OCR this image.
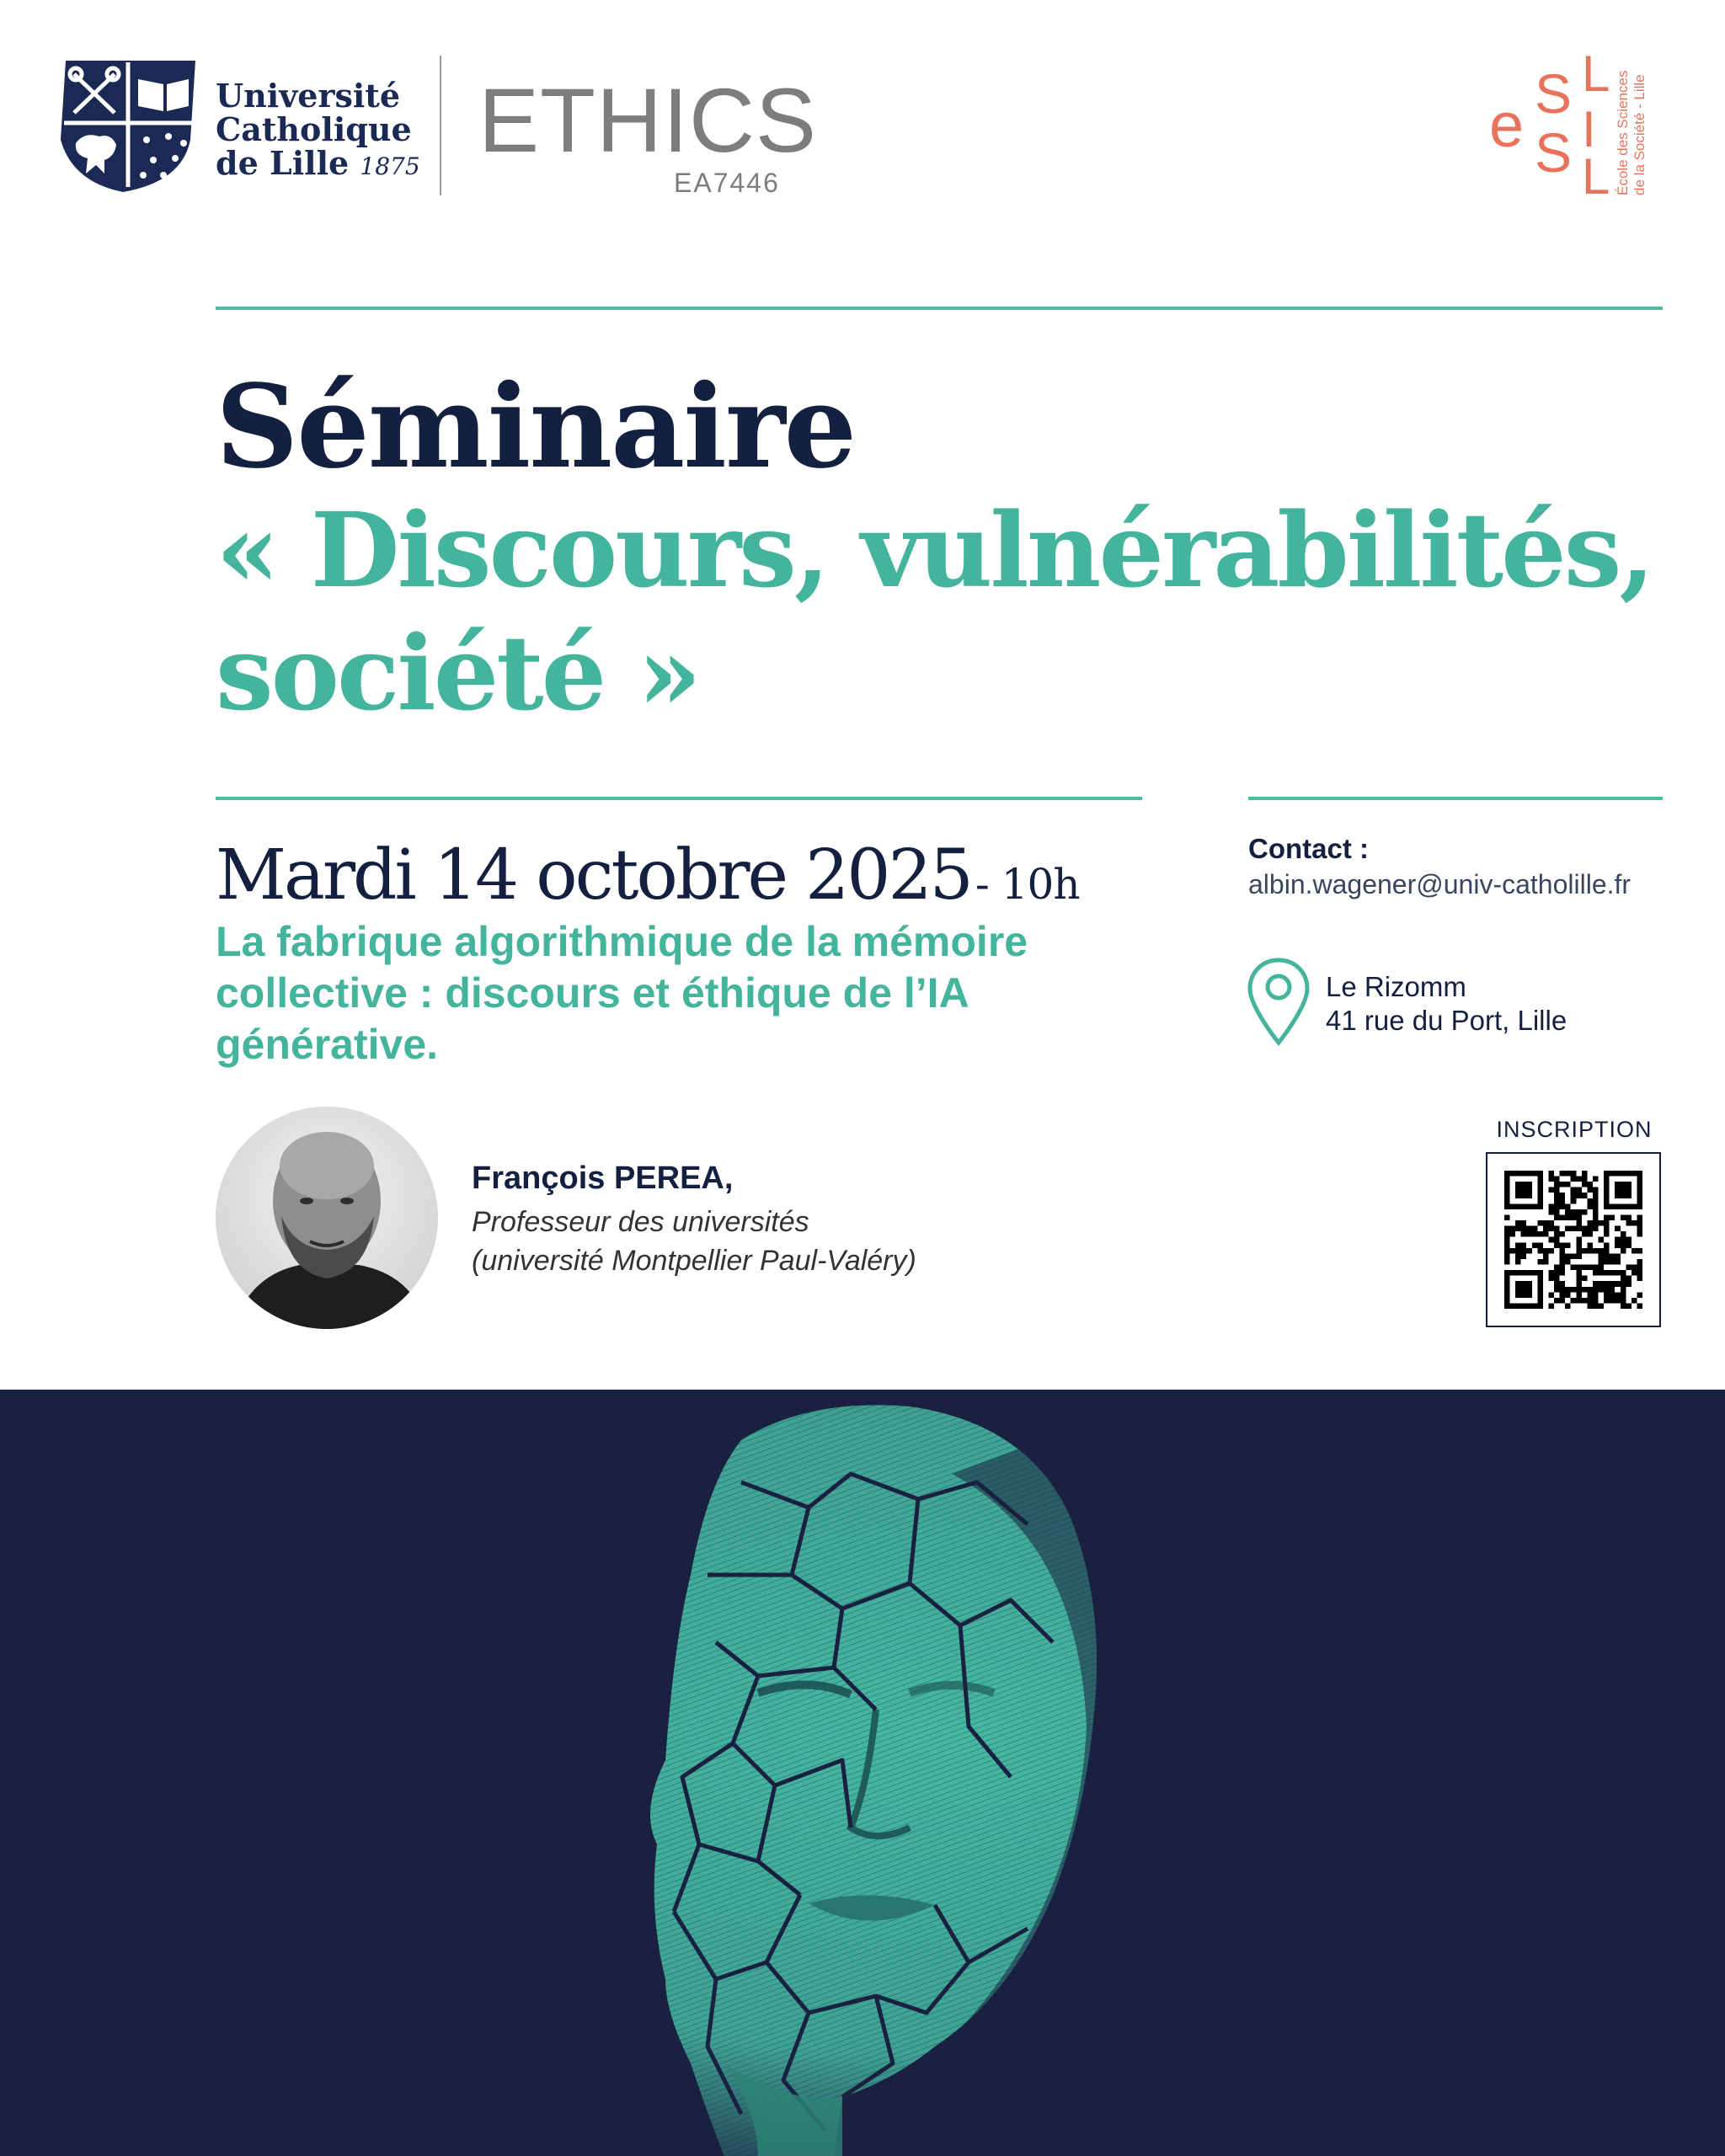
Université
Catholique
de Lille 1875 ETHICS
EA7446
e S
S
L
I
L École des Sciences de la Société - Lille
Séminaire
« Discours, vulnérabilités,
société »
Mardi 14 octobre 2025 - 10h
La fabrique algorithmique de la mémoire
collective : discours et éthique de l’IA
générative.
Contact :
albin.wagener@univ-catholille.fr
Le Rizomm
41 rue du Port, Lille
INSCRIPTION
François PEREA,
Professeur des universités
(université Montpellier Paul-Valéry)
